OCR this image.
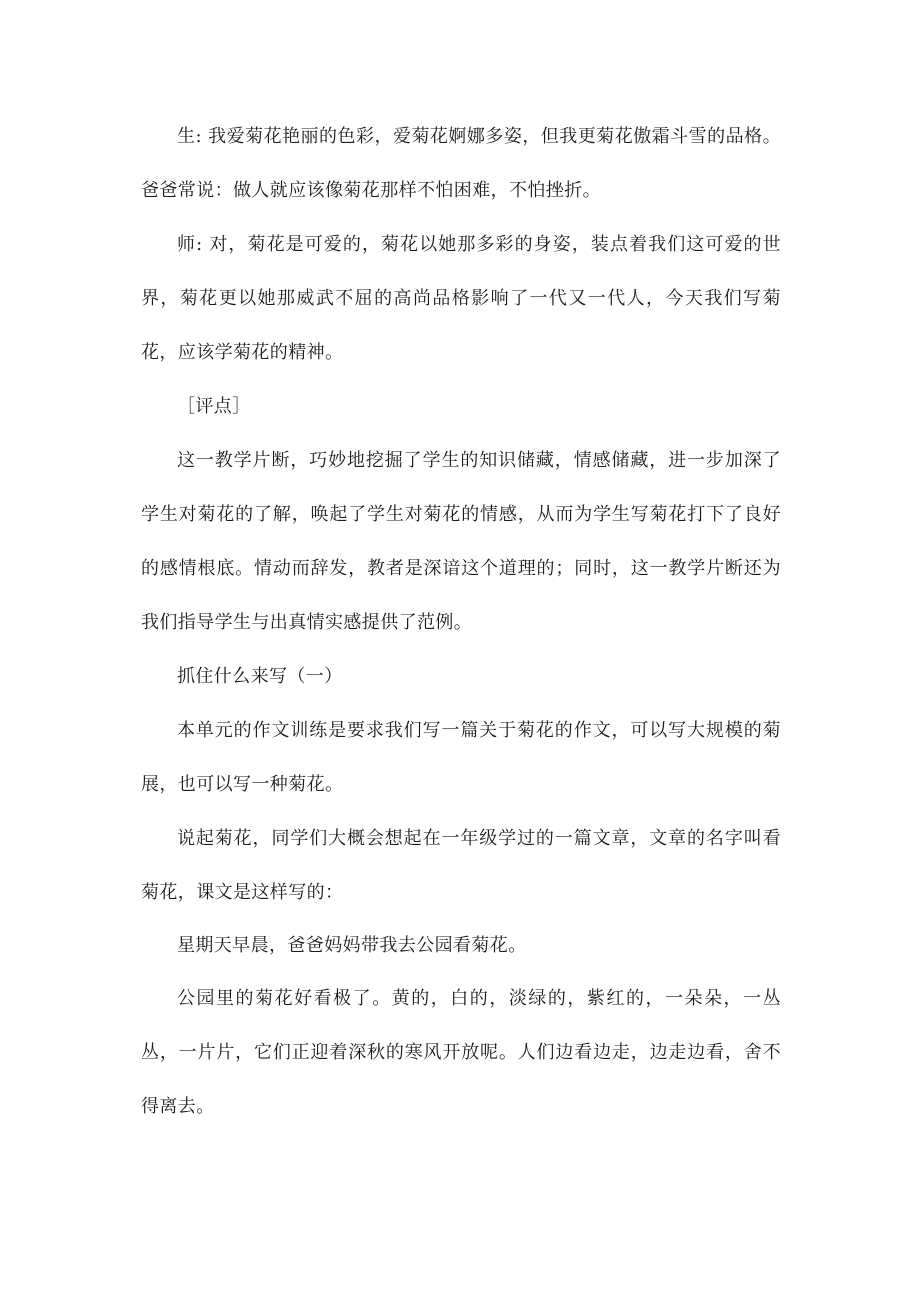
生: 我爱菊花艳丽的色彩，爱菊花婀娜多姿，但我更菊花傲霜斗雪的品格。爸爸常说：做人就应该像菊花那样不怕困难，不怕挫折。

师: 对，菊花是可爱的，菊花以她那多彩的身姿，装点着我们这可爱的世界，菊花更以她那威武不屈的高尚品格影响了一代又一代人，今天我们写菊花，应该学菊花的精神。

［评点］

这一教学片断，巧妙地挖掘了学生的知识储藏，情感储藏，进一步加深了学生对菊花的了解，唤起了学生对菊花的情感，从而为学生写菊花打下了良好的感情根底。情动而辞发，教者是深谙这个道理的；同时，这一教学片断还为我们指导学生与出真情实感提供了范例。

抓住什么来写（一）

本单元的作文训练是要求我们写一篇关于菊花的作文，可以写大规模的菊展，也可以写一种菊花。

说起菊花，同学们大概会想起在一年级学过的一篇文章，文章的名字叫看菊花，课文是这样写的：

星期天早晨，爸爸妈妈带我去公园看菊花。

公园里的菊花好看极了。黄的，白的，淡绿的，紫红的，一朵朵，一丛丛，一片片，它们正迎着深秋的寒风开放呢。人们边看边走，边走边看，舍不得离去。
